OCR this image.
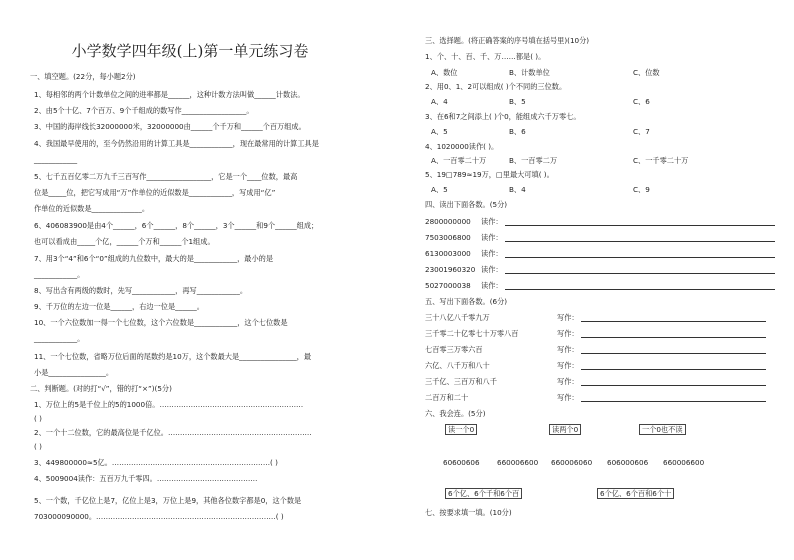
小学数学四年级(上)第一单元练习卷
一、填空题。(22分，每小题2分)
1、每相邻的两个计数单位之间的进率都是______，这种计数方法叫做______计数法。
2、由5个十亿、7个百万、9个千组成的数写作__________________。
3、中国的海岸线长32000000米，32000000由______个千万和______个百万组成。
4、我国最早使用的，至今仍然沿用的计算工具是____________，现在最常用的计算工具是
____________
5、七千五百亿零二万九千三百写作__________________，它是一个____位数，最高
位是_____位，把它写成用“万”作单位的近似数是____________，写成用“亿”
作单位的近似数是______________。
6、406083900是由4个______，6个______，8个______，3个______和9个______组成；
也可以看成由_____个亿，______个万和______个1组成。
7、用3个“4”和6个“0”组成的九位数中，最大的是____________，最小的是
____________。
8、写出含有两级的数时，先写____________，再写____________。
9、千万位的左边一位是______，右边一位是______。
10、一个六位数加一得一个七位数，这个六位数是____________，这个七位数是
____________。
11、一个七位数，省略万位后面的尾数约是10万，这个数最大是________________，最
小是________________。
二、判断题。(对的打“√”，错的打“×”)(5分)
1、万位上的5是千位上的5的1000倍。……………………………………………………
( )
2、一个十二位数，它的最高位是千亿位。……………………………………………………
( )
3、449800000≈5亿。…………………………………………………………( )
4、5009004读作：五百万九千零四。……………………………………
5、一个数，千亿位上是7，亿位上是3，万位上是9，其他各位数字都是0，这个数是
703000090000。…………………………………………………………………( )
三、选择题。(将正确答案的序号填在括号里)(10分)
1、个、十、百、千、万……都是( )。
A、数位	B、计数单位	C、位数
2、用0、1、2可以组成( )个不同的三位数。
A、4	B、5	C、6
3、在6和7之间添上( )个0，能组成六千万零七。
A、5	B、6	C、7
4、1020000读作( )。
A、一百零二十万	B、一百零二万	C、一千零二十万
5、19□789≈19万，□里最大可填( )。
A、5	B、4	C、9
四、读出下面各数。(5分)
2800000000 读作：
7503006800 读作：
6130003000 读作：
23001960320 读作：
5027000038 读作：
五、写出下面各数。(6分)
三十八亿八千零九万	写作：
三千零二十亿零七十万零八百	写作：
七百零三万零六百	写作：
六亿、八千万和八十	写作：
三千亿、三百万和八千	写作：
二百万和二十	写作：
六、我会连。(5分)
读一个0	读两个0	一个0也不读
60600606 660006600 660006060 606000606 660006600
6个亿、6个千和6个百	6个亿、6个百和6个十
七、按要求填一填。(10分)
